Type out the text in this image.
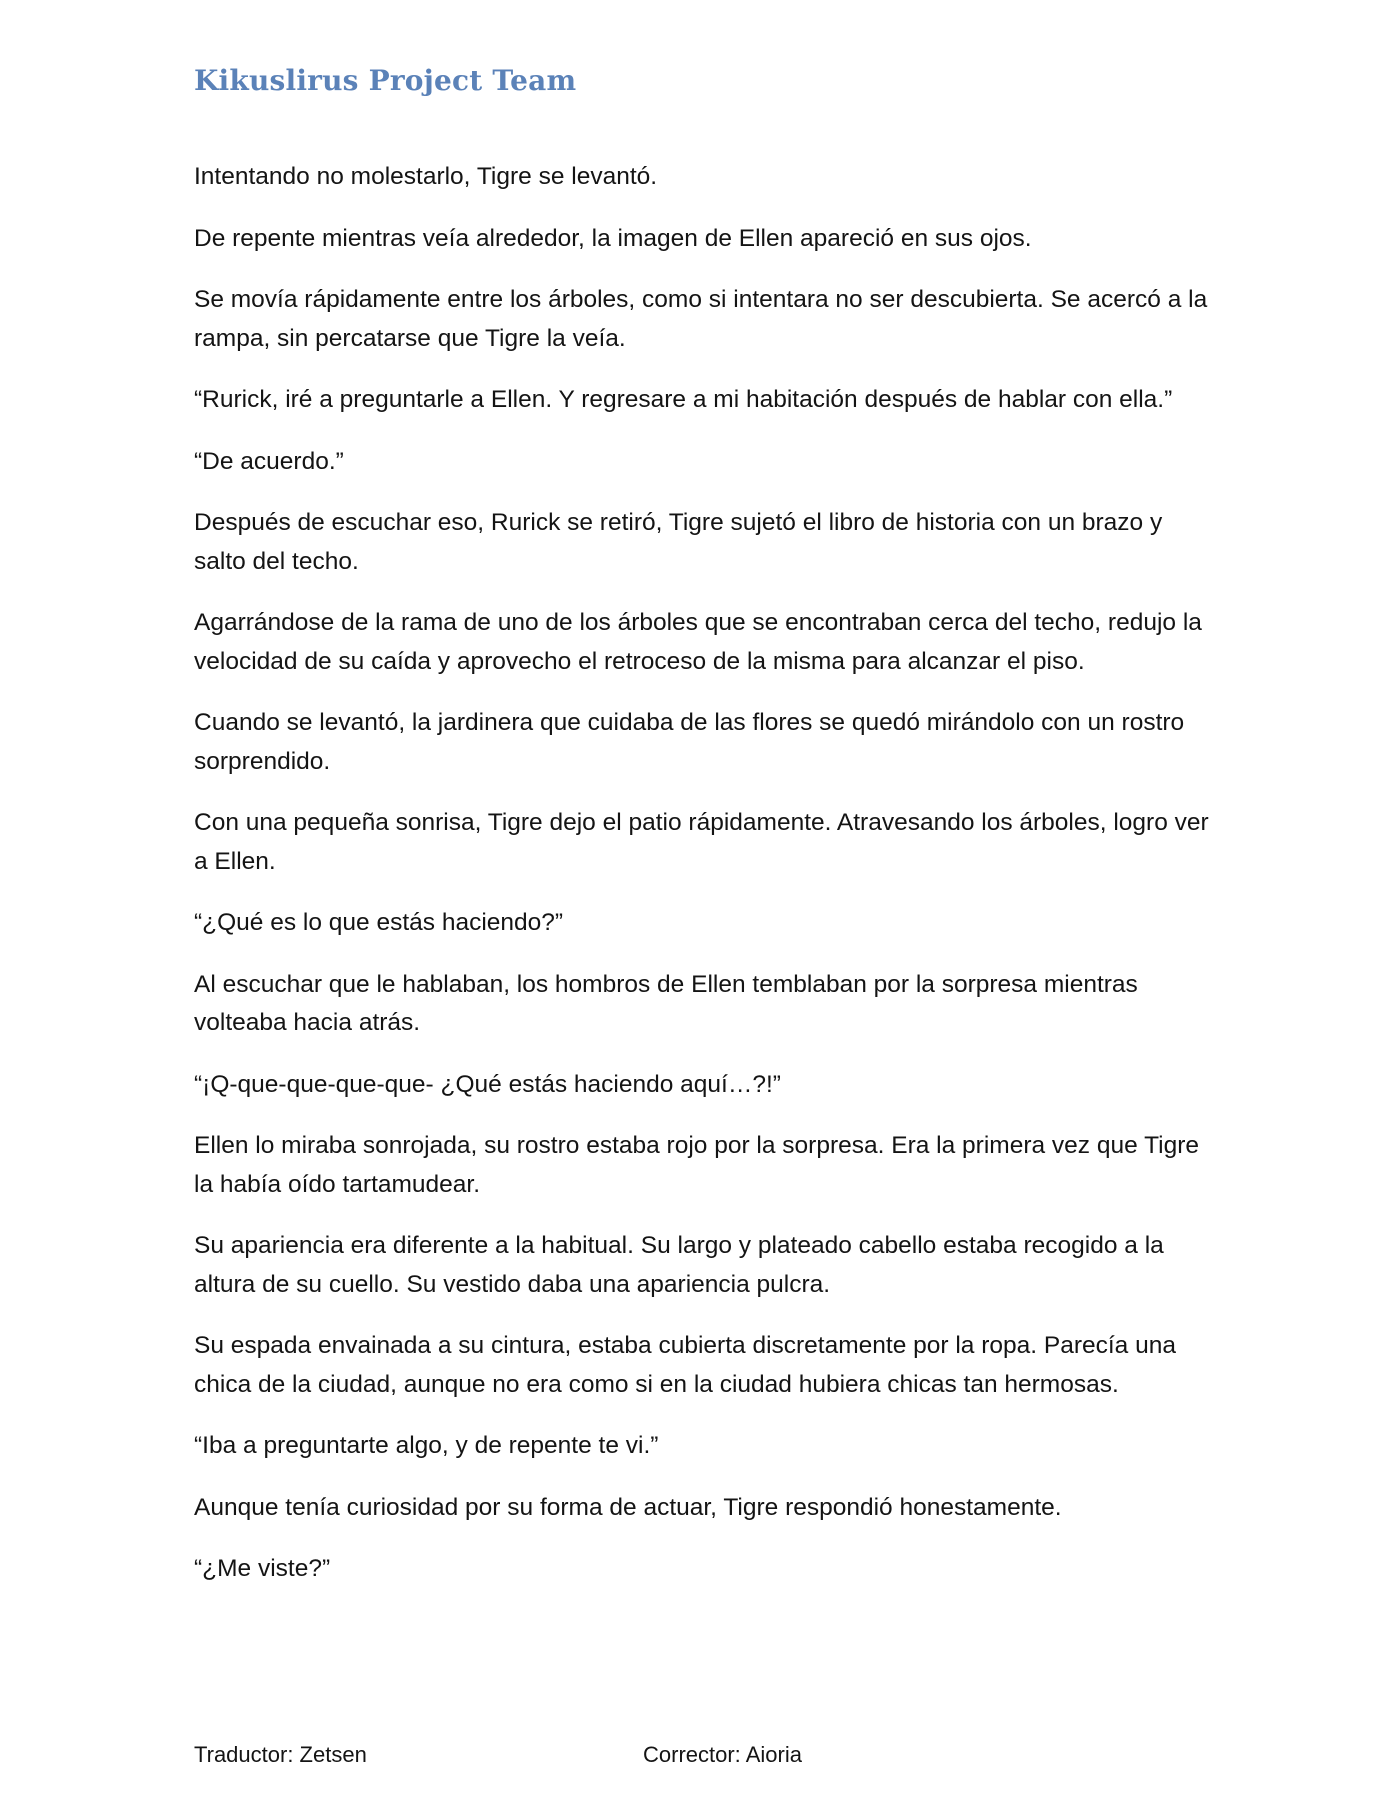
Kikuslirus Project Team

Intentando no molestarlo, Tigre se levantó.

De repente mientras veía alrededor, la imagen de Ellen apareció en sus ojos.

Se movía rápidamente entre los árboles, como si intentara no ser descubierta. Se acercó a la rampa, sin percatarse que Tigre la veía.

“Rurick, iré a preguntarle a Ellen. Y regresare a mi habitación después de hablar con ella.”

“De acuerdo.”

Después de escuchar eso, Rurick se retiró, Tigre sujetó el libro de historia con un brazo y salto del techo.

Agarrándose de la rama de uno de los árboles que se encontraban cerca del techo, redujo la velocidad de su caída y aprovecho el retroceso de la misma para alcanzar el piso.

Cuando se levantó, la jardinera que cuidaba de las flores se quedó mirándolo con un rostro sorprendido.

Con una pequeña sonrisa, Tigre dejo el patio rápidamente. Atravesando los árboles, logro ver a Ellen.

“¿Qué es lo que estás haciendo?”

Al escuchar que le hablaban, los hombros de Ellen temblaban por la sorpresa mientras volteaba hacia atrás.

“¡Q-que-que-que-que- ¿Qué estás haciendo aquí…?!”

Ellen lo miraba sonrojada, su rostro estaba rojo por la sorpresa. Era la primera vez que Tigre la había oído tartamudear.

Su apariencia era diferente a la habitual. Su largo y plateado cabello estaba recogido a la altura de su cuello. Su vestido daba una apariencia pulcra.

Su espada envainada a su cintura, estaba cubierta discretamente por la ropa. Parecía una chica de la ciudad, aunque no era como si en la ciudad hubiera chicas tan hermosas.

“Iba a preguntarte algo, y de repente te vi.”

Aunque tenía curiosidad por su forma de actuar, Tigre respondió honestamente.

“¿Me viste?”

Traductor: Zetsen	Corrector: Aioria
